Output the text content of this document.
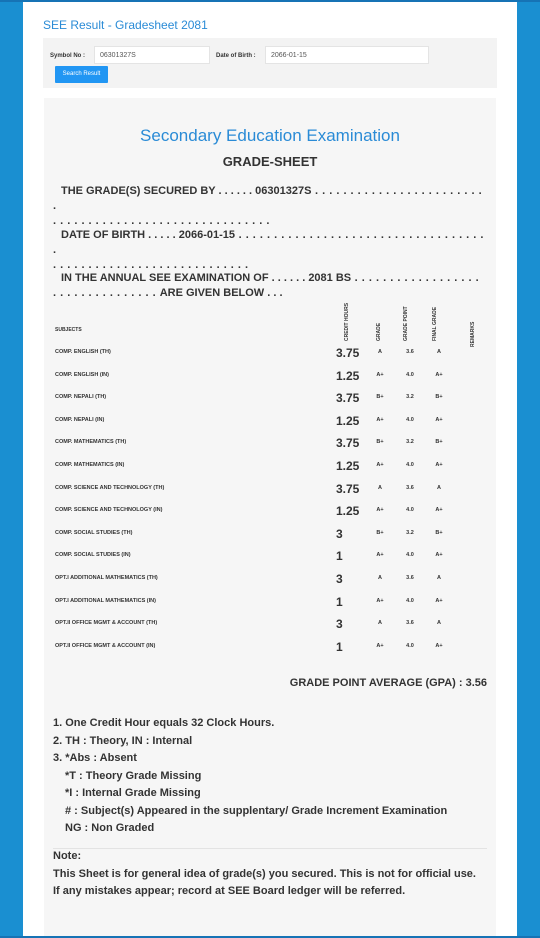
SEE Result - Gradesheet 2081
Symbol No :	06301327S	Date of Birth :	2066-01-15
Search Result
Secondary Education Examination
GRADE-SHEET
THE GRADE(S) SECURED BY . . . . . . 06301327S . . . . . . . . . . . . . . . . . . . . . . . . .
. . . . . . . . . . . . . . . . . . . . . . . . . . . . . . .
DATE OF BIRTH . . . . . 2066-01-15 . . . . . . . . . . . . . . . . . . . . . . . . . . . . . . . . . . . .
. . . . . . . . . . . . . . . . . . . . . . . . . . . .
IN THE ANNUAL SEE EXAMINATION OF . . . . . . 2081 BS . . . . . . . . . . . . . . . . . .
. . . . . . . . . . . . . . . ARE GIVEN BELOW . . .
SUBJECTS	CREDIT HOURS	GRADE	GRADE POINT	FINAL GRADE	REMARKS
COMP. ENGLISH (TH)	3.75	A	3.6	A
COMP. ENGLISH (IN)	1.25	A+	4.0	A+
COMP. NEPALI (TH)	3.75	B+	3.2	B+
COMP. NEPALI (IN)	1.25	A+	4.0	A+
COMP. MATHEMATICS (TH)	3.75	B+	3.2	B+
COMP. MATHEMATICS (IN)	1.25	A+	4.0	A+
COMP. SCIENCE AND TECHNOLOGY (TH)	3.75	A	3.6	A
COMP. SCIENCE AND TECHNOLOGY (IN)	1.25	A+	4.0	A+
COMP. SOCIAL STUDIES (TH)	3	B+	3.2	B+
COMP. SOCIAL STUDIES (IN)	1	A+	4.0	A+
OPT.I ADDITIONAL MATHEMATICS (TH)	3	A	3.6	A
OPT.I ADDITIONAL MATHEMATICS (IN)	1	A+	4.0	A+
OPT.II OFFICE MGMT & ACCOUNT (TH)	3	A	3.6	A
OPT.II OFFICE MGMT & ACCOUNT (IN)	1	A+	4.0	A+
GRADE POINT AVERAGE (GPA) : 3.56
1. One Credit Hour equals 32 Clock Hours.
2. TH : Theory, IN : Internal
3. *Abs : Absent
*T : Theory Grade Missing
*I : Internal Grade Missing
# : Subject(s) Appeared in the supplentary/ Grade Increment Examination
NG : Non Graded
Note:
This Sheet is for general idea of grade(s) you secured. This is not for official use. If any mistakes appear; record at SEE Board ledger will be referred.
